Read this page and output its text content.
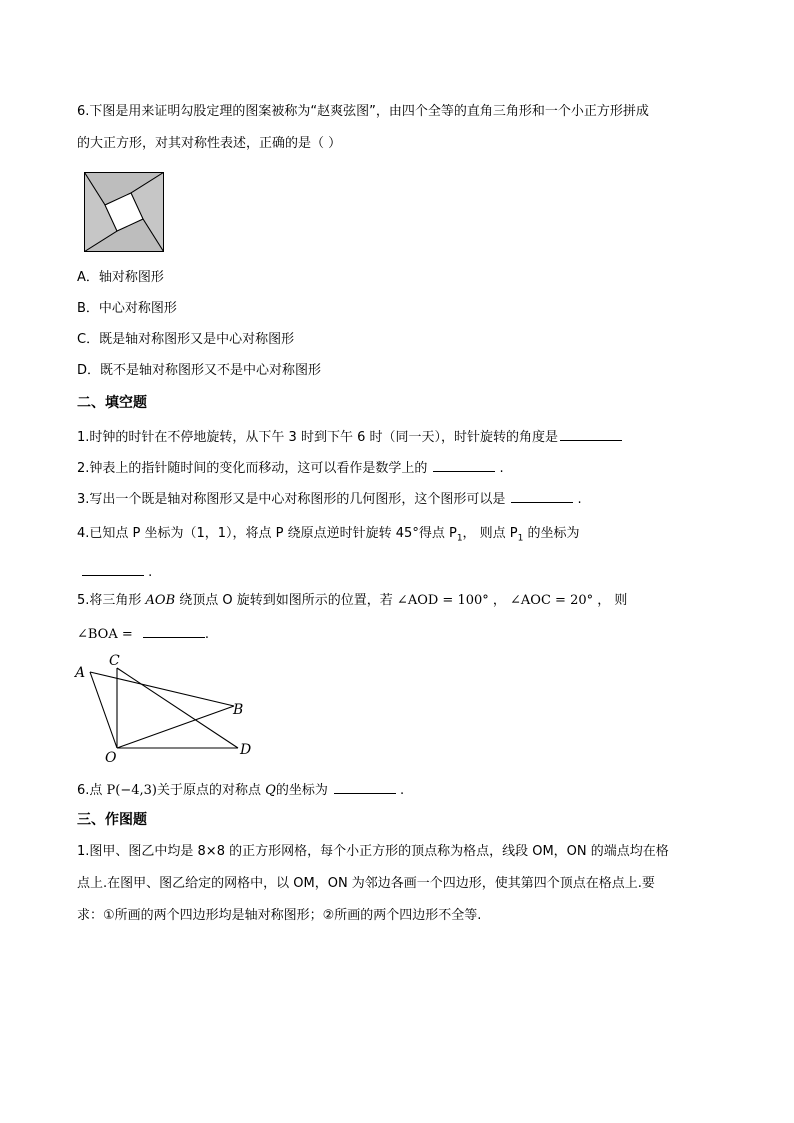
6.下图是用来证明勾股定理的图案被称为“赵爽弦图”，由四个全等的直角三角形和一个小正方形拼成
的大正方形，对其对称性表述，正确的是（ ）
A．轴对称图形
B．中心对称图形
C．既是轴对称图形又是中心对称图形
D．既不是轴对称图形又不是中心对称图形
二、填空题
1.时钟的时针在不停地旋转，从下午 3 时到下午 6 时（同一天），时针旋转的角度是
2.钟表上的指针随时间的变化而移动，这可以看作是数学上的	.
3.写出一个既是轴对称图形又是中心对称图形的几何图形，这个图形可以是	.
4.已知点 P 坐标为（1，1），将点 P 绕原点逆时针旋转 45°得点 $P_1$， 则点 $P_1$ 的坐标为
.
5.将三角形 AOB 绕顶点 O 旋转到如图所示的位置，若 ∠AOD = 100° ， ∠AOC = 20° ， 则
∠BOA =	.
A
C
B
D
O
6.点 P(−4,3)关于原点的对称点 Q的坐标为	.
三、作图题
1.图甲、图乙中均是 8×8 的正方形网格，每个小正方形的顶点称为格点，线段 OM，ON 的端点均在格
点上.在图甲、图乙给定的网格中，以 OM，ON 为邻边各画一个四边形，使其第四个顶点在格点上.要
求：①所画的两个四边形均是轴对称图形；②所画的两个四边形不全等.
